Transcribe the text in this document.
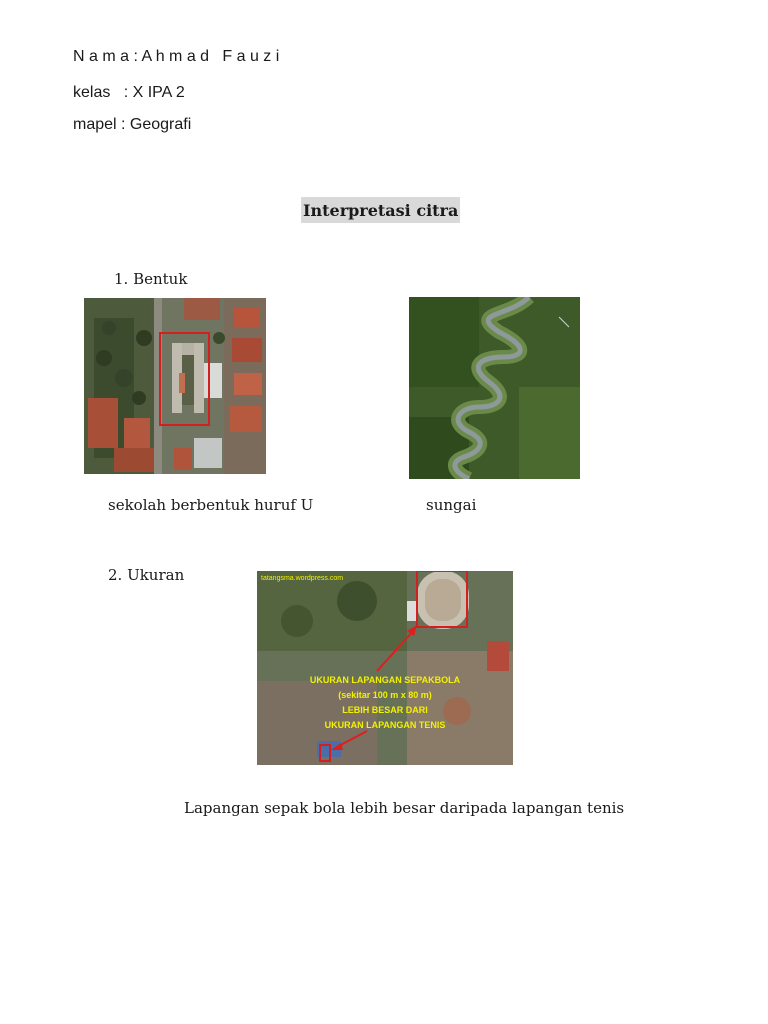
N a m a : A h m a d   F a u z i
kelas   : X IPA 2
mapel : Geografi
Interpretasi citra
1. Bentuk
sekolah berbentuk huruf U	sungai
2. Ukuran	tatangsma.wordpress.com
UKURAN LAPANGAN SEPAKBOLA
(sekitar 100 m x 80 m)
LEBIH BESAR DARI
UKURAN LAPANGAN TENIS
Lapangan sepak bola lebih besar daripada lapangan tenis
